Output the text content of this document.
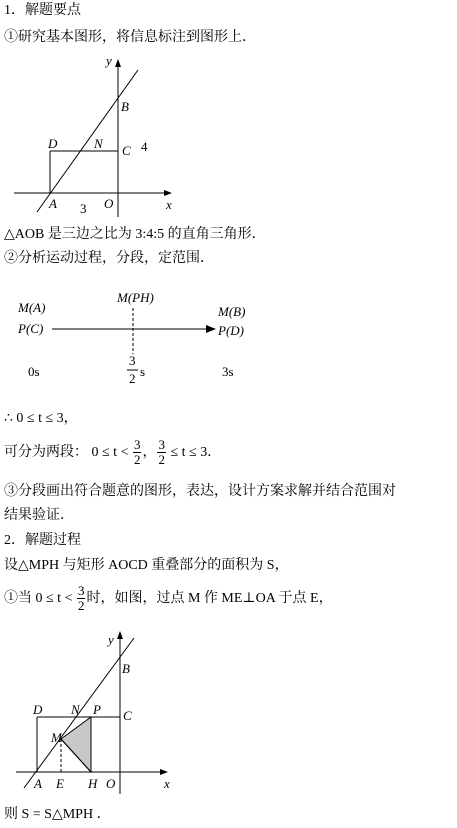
1．解题要点
①研究基本图形，将信息标注到图形上．
y
B
D	N C 4
A 3 O	x
△AOB 是三边之比为 3:4:5 的直角三角形．
②分析运动过程，分段，定范围．
M(A)
P(C)
M(PH)
M(B)
P(D)
0s
3
2 s	3s
∴ 0 ≤ t ≤ 3，
可分为两段： $0 \le t < \frac{3}{2}$ ， $\frac{3}{2} \le t \le 3$．
③分段画出符合题意的图形，表达，设计方案求解并结合范围对
结果验证．
2．解题过程
设△MPH 与矩形 AOCD 重叠部分的面积为 S，
①当 $0 \le t < \frac{3}{2}$ 时，如图，过点 M 作 ME⊥OA 于点 E，
y
B
D N P C
M
A E H O	x
则 S = S△MPH ．
